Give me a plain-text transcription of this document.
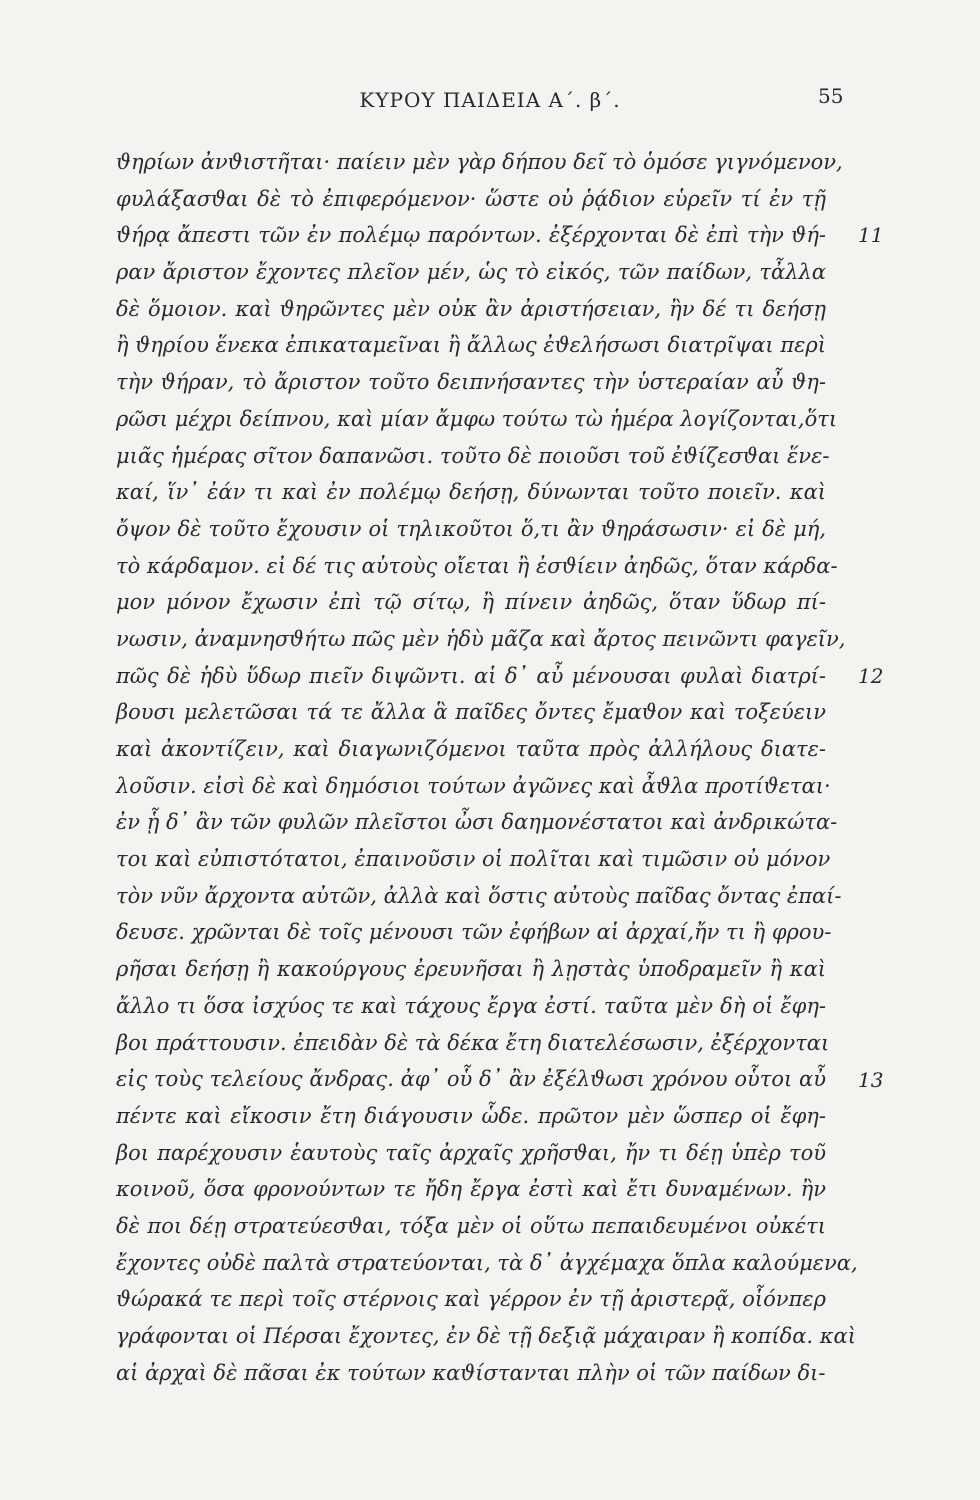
ΚΥΡΟΥ ΠΑΙΔΕΙΑ Α΄. β΄.	55
ϑηρίων ἀνϑιστῆται· παίειν μὲν γὰρ δήπου δεῖ τὸ ὁμόσε γιγνόμενον,
φυλάξασϑαι δὲ τὸ ἐπιφερόμενον· ὥστε οὐ ῥᾴδιον εὑρεῖν τί ἐν τῇ
ϑήρᾳ ἄπεστι τῶν ἐν πολέμῳ παρόντων. ἐξέρχονται δὲ ἐπὶ τὴν ϑή-
ραν ἄριστον ἔχοντες πλεῖον μέν, ὡς τὸ εἰκός, τῶν παίδων, τἆλλα
δὲ ὅμοιον. καὶ ϑηρῶντες μὲν οὐκ ἂν ἀριστήσειαν, ἢν δέ τι δεήσῃ
ἢ ϑηρίου ἕνεκα ἐπικαταμεῖναι ἢ ἄλλως ἐϑελήσωσι διατρῖψαι περὶ
τὴν ϑήραν, τὸ ἄριστον τοῦτο δειπνήσαντες τὴν ὑστεραίαν αὖ ϑη-
ρῶσι μέχρι δείπνου, καὶ μίαν ἄμφω τούτω τὼ ἡμέρα λογίζονται,ὅτι
μιᾶς ἡμέρας σῖτον δαπανῶσι. τοῦτο δὲ ποιοῦσι τοῦ ἐϑίζεσϑαι ἕνε-
καί, ἵν᾽ ἐάν τι καὶ ἐν πολέμῳ δεήσῃ, δύνωνται τοῦτο ποιεῖν. καὶ
ὄψον δὲ τοῦτο ἔχουσιν οἱ τηλικοῦτοι ὅ,τι ἂν ϑηράσωσιν· εἰ δὲ μή,
τὸ κάρδαμον. εἰ δέ τις αὐτοὺς οἴεται ἢ ἐσϑίειν ἀηδῶς, ὅταν κάρδα-
μον μόνον ἔχωσιν ἐπὶ τῷ σίτῳ, ἢ πίνειν ἀηδῶς, ὅταν ὕδωρ πί-
νωσιν, ἀναμνησϑήτω πῶς μὲν ἡδὺ μᾶζα καὶ ἄρτος πεινῶντι φαγεῖν,
πῶς δὲ ἡδὺ ὕδωρ πιεῖν διψῶντι. αἱ δ᾽ αὖ μένουσαι φυλαὶ διατρί-
βουσι μελετῶσαι τά τε ἄλλα ἃ παῖδες ὄντες ἔμαϑον καὶ τοξεύειν
καὶ ἀκοντίζειν, καὶ διαγωνιζόμενοι ταῦτα πρὸς ἀλλήλους διατε-
λοῦσιν. εἰσὶ δὲ καὶ δημόσιοι τούτων ἀγῶνες καὶ ἆϑλα προτίϑεται·
ἐν ᾗ δ᾽ ἂν τῶν φυλῶν πλεῖστοι ὦσι δαημονέστατοι καὶ ἀνδρικώτα-
τοι καὶ εὐπιστότατοι, ἐπαινοῦσιν οἱ πολῖται καὶ τιμῶσιν οὐ μόνον
τὸν νῦν ἄρχοντα αὐτῶν, ἀλλὰ καὶ ὅστις αὐτοὺς παῖδας ὄντας ἐπαί-
δευσε. χρῶνται δὲ τοῖς μένουσι τῶν ἐφήβων αἱ ἀρχαί,ἤν τι ἢ φρου-
ρῆσαι δεήσῃ ἢ κακούργους ἐρευνῆσαι ἢ λῃστὰς ὑποδραμεῖν ἢ καὶ
ἄλλο τι ὅσα ἰσχύος τε καὶ τάχους ἔργα ἐστί. ταῦτα μὲν δὴ οἱ ἔφη-
βοι πράττουσιν. ἐπειδὰν δὲ τὰ δέκα ἔτη διατελέσωσιν, ἐξέρχονται
εἰς τοὺς τελείους ἄνδρας. ἀφ᾽ οὗ δ᾽ ἂν ἐξέλϑωσι χρόνου οὗτοι αὖ
πέντε καὶ εἴκοσιν ἔτη διάγουσιν ὧδε. πρῶτον μὲν ὥσπερ οἱ ἔφη-
βοι παρέχουσιν ἑαυτοὺς ταῖς ἀρχαῖς χρῆσϑαι, ἤν τι δέῃ ὑπὲρ τοῦ
κοινοῦ, ὅσα φρονούντων τε ἤδη ἔργα ἐστὶ καὶ ἔτι δυναμένων. ἢν
δὲ ποι δέῃ στρατεύεσϑαι, τόξα μὲν οἱ οὕτω πεπαιδευμένοι οὐκέτι
ἔχοντες οὐδὲ παλτὰ στρατεύονται, τὰ δ᾽ ἀγχέμαχα ὅπλα καλούμενα,
ϑώρακά τε περὶ τοῖς στέρνοις καὶ γέρρον ἐν τῇ ἀριστερᾷ, οἷόνπερ
γράφονται οἱ Πέρσαι ἔχοντες, ἐν δὲ τῇ δεξιᾷ μάχαιραν ἢ κοπίδα. καὶ
αἱ ἀρχαὶ δὲ πᾶσαι ἐκ τούτων καϑίστανται πλὴν οἱ τῶν παίδων δι-
11
12
13
